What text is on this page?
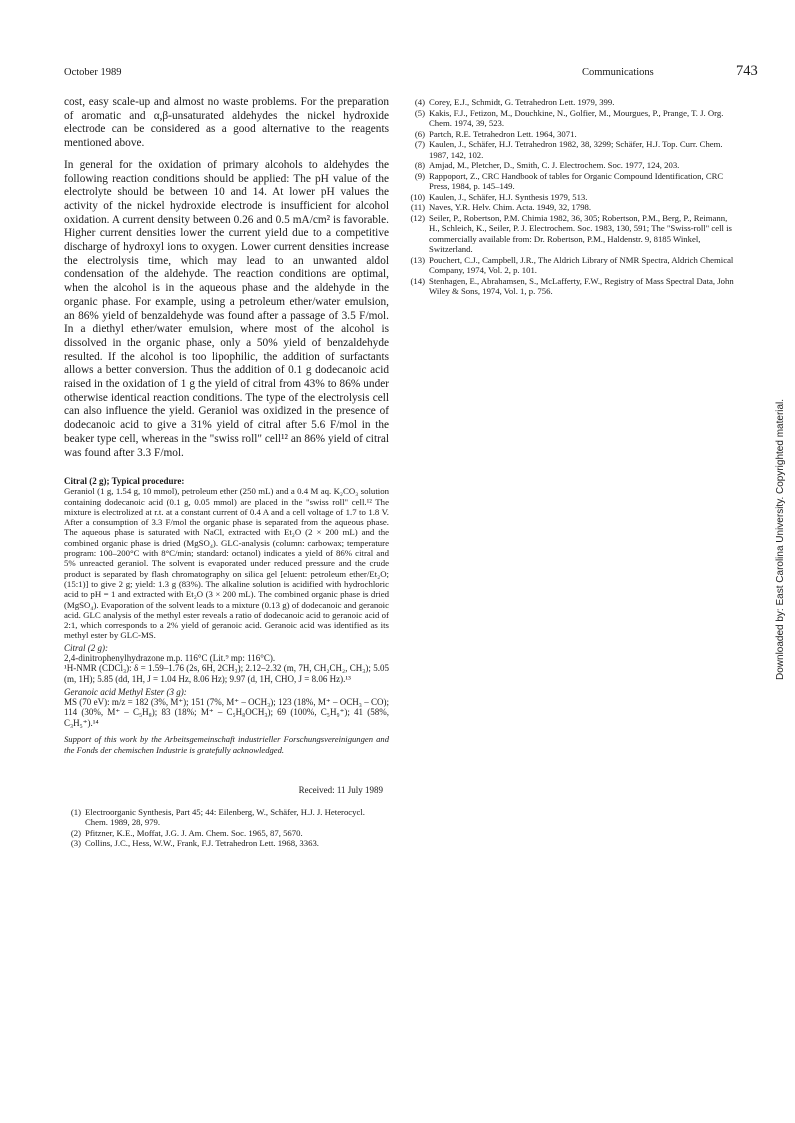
October 1989	Communications	743

cost, easy scale-up and almost no waste problems. For the preparation of aromatic and α,β-unsaturated aldehydes the nickel hydroxide electrode can be considered as a good alternative to the reagents mentioned above.

In general for the oxidation of primary alcohols to aldehydes the following reaction conditions should be applied: The pH value of the electrolyte should be between 10 and 14. At lower pH values the activity of the nickel hydroxide electrode is insufficient for alcohol oxidation. A current density between 0.26 and 0.5 mA/cm² is favorable. Higher current densities lower the current yield due to a competitive discharge of hydroxyl ions to oxygen. Lower current densities increase the electrolysis time, which may lead to an unwanted aldol condensation of the aldehyde. The reaction conditions are optimal, when the alcohol is in the aqueous phase and the aldehyde in the organic phase. For example, using a petroleum ether/water emulsion, an 86% yield of benzaldehyde was found after a passage of 3.5 F/mol. In a diethyl ether/water emulsion, where most of the alcohol is dissolved in the organic phase, only a 50% yield of benzaldehyde resulted. If the alcohol is too lipophilic, the addition of surfactants allows a better conversion. Thus the addition of 0.1 g dodecanoic acid raised in the oxidation of 1 g the yield of citral from 43% to 86% under otherwise identical reaction conditions. The type of the electrolysis cell can also influence the yield. Geraniol was oxidized in the presence of dodecanoic acid to give a 31% yield of citral after 5.6 F/mol in the beaker type cell, whereas in the "swiss roll" cell¹² an 86% yield of citral was found after 3.3 F/mol.

Citral (2 g); Typical procedure:

Geraniol (1 g, 1.54 g, 10 mmol), petroleum ether (250 mL) and a 0.4 M aq. K₂CO₃ solution containing dodecanoic acid (0.1 g, 0.05 mmol) are placed in the "swiss roll" cell.¹² The mixture is electrolized at r.t. at a constant current of 0.4 A and a cell voltage of 1.7 to 1.8 V. After a consumption of 3.3 F/mol the organic phase is separated from the aqueous phase. The aqueous phase is saturated with NaCl, extracted with Et₂O (2 × 200 mL) and the combined organic phase is dried (MgSO₄). GLC-analysis (column: carbowax; temperature program: 100–200°C with 8°C/min; standard: octanol) indicates a yield of 86% citral and 5% unreacted geraniol. The solvent is evaporated under reduced pressure and the crude product is separated by flash chromatography on silica gel [eluent: petroleum ether/Et₂O; (15:1)] to give 2 g; yield: 1.3 g (83%). The alkaline solution is acidified with hydrochloric acid to pH = 1 and extracted with Et₂O (3 × 200 mL). The combined organic phase is dried (MgSO₄). Evaporation of the solvent leads to a mixture (0.13 g) of dodecanoic and geranoic acid. GLC analysis of the methyl ester reveals a ratio of dodecanoic acid to geranoic acid of 2:1, which corresponds to a 2% yield of geranoic acid. Geranoic acid was identified as its methyl ester by GLC-MS.

Citral (2 g):
2,4-dinitrophenylhydrazone m.p. 116°C (Lit.⁹ mp: 116°C).
¹H-NMR (CDCl₃): δ = 1.59–1.76 (2s, 6H, 2CH₃); 2.12–2.32 (m, 7H, CH₂CH₂, CH₃); 5.05 (m, 1H); 5.85 (dd, 1H, J = 1.04 Hz, 8.06 Hz); 9.97 (d, 1H, CHO, J = 8.06 Hz).¹³
Geranoic acid Methyl Ester (3 g):
MS (70 eV): m/z = 182 (3%, M⁺); 151 (7%, M⁺ – OCH₃); 123 (18%, M⁺ – OCH₃ – CO); 114 (30%, M⁺ – C₅H₈); 83 (18%; M⁺ – C₅H₈OCH₃); 69 (100%, C₅H₉⁺); 41 (58%, C₃H₅⁺).¹⁴
Support of this work by the Arbeitsgemeinschaft industrieller Forschungsvereinigungen and the Fonds der chemischen Industrie is gratefully acknowledged.
Received: 11 July 1989
(1) Electroorganic Synthesis, Part 45; 44: Eilenberg, W., Schäfer, H.J. J. Heterocycl. Chem. 1989, 28, 979.
(2) Pfitzner, K.E., Moffat, J.G. J. Am. Chem. Soc. 1965, 87, 5670.
(3) Collins, J.C., Hess, W.W., Frank, F.J. Tetrahedron Lett. 1968, 3363.
(4) Corey, E.J., Schmidt, G. Tetrahedron Lett. 1979, 399.
(5) Kakis, F.J., Fetizon, M., Douchkine, N., Golfier, M., Mourgues, P., Prange, T. J. Org. Chem. 1974, 39, 523.
(6) Partch, R.E. Tetrahedron Lett. 1964, 3071.
(7) Kaulen, J., Schäfer, H.J. Tetrahedron 1982, 38, 3299; Schäfer, H.J. Top. Curr. Chem. 1987, 142, 102.
(8) Amjad, M., Pletcher, D., Smith, C. J. Electrochem. Soc. 1977, 124, 203.
(9) Rappoport, Z., CRC Handbook of tables for Organic Compound Identification, CRC Press, 1984, p. 145–149.
(10) Kaulen, J., Schäfer, H.J. Synthesis 1979, 513.
(11) Naves, Y.R. Helv. Chim. Acta. 1949, 32, 1798.
(12) Seiler, P., Robertson, P.M. Chimia 1982, 36, 305; Robertson, P.M., Berg, P., Reimann, H., Schleich, K., Seiler, P. J. Electrochem. Soc. 1983, 130, 591; The "Swiss-roll" cell is commercially available from: Dr. Robertson, P.M., Haldenstr. 9, 8185 Winkel, Switzerland.
(13) Pouchert, C.J., Campbell, J.R., The Aldrich Library of NMR Spectra, Aldrich Chemical Company, 1974, Vol. 2, p. 101.
(14) Stenhagen, E., Abrahamsen, S., McLafferty, F.W., Registry of Mass Spectral Data, John Wiley & Sons, 1974, Vol. 1, p. 756.
Downloaded by: East Carolina University. Copyrighted material.
